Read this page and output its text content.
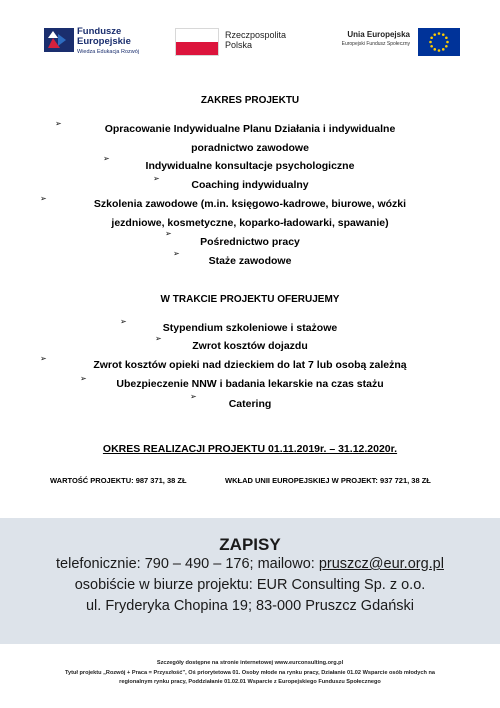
Fundusze
Europejskie
Wiedza Edukacja Rozwój
Rzeczpospolita
Polska
Unia Europejska
Europejski Fundusz Społeczny
ZAKRES PROJEKTU
➢	Opracowanie Indywidualne Planu Działania i indywidualne
poradnictwo zawodowe
➢
Indywidualne konsultacje psychologiczne
➢
Coaching indywidualny
➢	Szkolenia zawodowe (m.in. księgowo-kadrowe, biurowe, wózki
jezdniowe, kosmetyczne, koparko-ładowarki, spawanie)
➢
Pośrednictwo pracy
➢
Staże zawodowe
W TRAKCIE PROJEKTU OFERUJEMY
➢
Stypendium szkoleniowe i stażowe
➢
Zwrot kosztów dojazdu
➢
Zwrot kosztów opieki nad dzieckiem do lat 7 lub osobą zależną
➢	Ubezpieczenie NNW i badania lekarskie na czas stażu
➢
Catering
OKRES REALIZACJI PROJEKTU 01.11.2019r. – 31.12.2020r.
WARTOŚĆ PROJEKTU: 987 371, 38 ZŁ	WKŁAD UNII EUROPEJSKIEJ W PROJEKT: 937 721, 38 ZŁ
ZAPISY
telefonicznie: 790 – 490 – 176; mailowo: pruszcz@eur.org.pl
osobiście w biurze projektu: EUR Consulting Sp. z o.o.
ul. Fryderyka Chopina 19; 83-000 Pruszcz Gdański
Szczegóły dostępne na stronie internetowej www.eurconsulting.org.pl
Tytuł projektu „Rozwój + Praca = Przyszłość”, Oś priorytetowa 01. Osoby młode na rynku pracy, Działanie 01.02 Wsparcie osób młodych na
regionalnym rynku pracy, Poddziałanie 01.02.01 Wsparcie z Europejskiego Funduszu Społecznego
